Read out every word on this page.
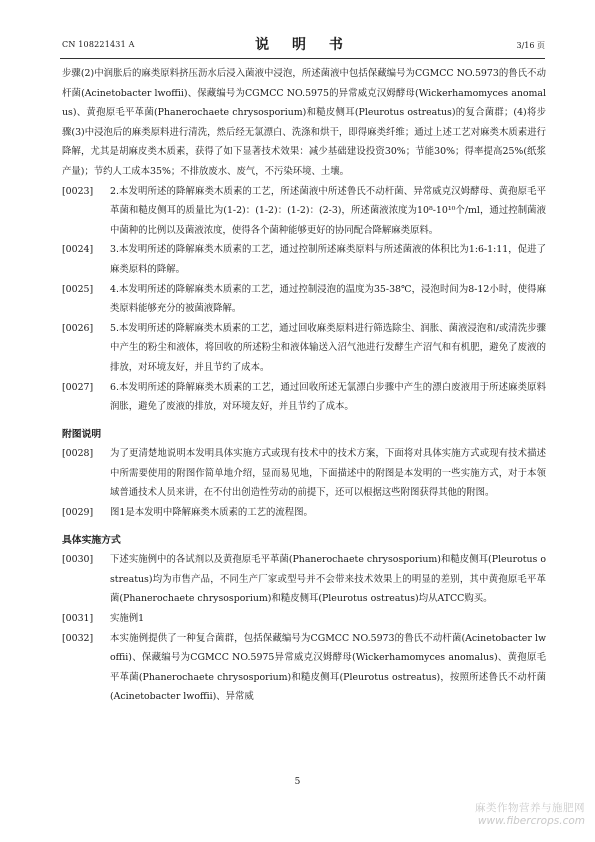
CN 108221431 A	说 明 书	3/16 页

步骤(2)中润胀后的麻类原料挤压沥水后浸入菌液中浸泡，所述菌液中包括保藏编号为CGMCC NO.5973的鲁氏不动杆菌(Acinetobacter lwoffii)、保藏编号为CGMCC NO.5975的异常威克汉姆酵母(Wickerhamomyces anomalus)、黄孢原毛平革菌(Phanerochaete chrysosporium)和糙皮侧耳(Pleurotus ostreatus)的复合菌群；(4)将步骤(3)中浸泡后的麻类原料进行清洗，然后经无氯漂白、洗涤和烘干，即得麻类纤维；通过上述工艺对麻类木质素进行降解，尤其是胡麻皮类木质素，获得了如下显著技术效果：减少基础建设投资30%；节能30%；得率提高25%(纸浆产量)；节约人工成本35%；不排放废水、废气，不污染环境、土壤。

[0023]	2.本发明所述的降解麻类木质素的工艺，所述菌液中所述鲁氏不动杆菌、异常威克汉姆酵母、黄孢原毛平革菌和糙皮侧耳的质量比为(1-2)：(1-2)：(1-2)：(2-3)，所述菌液浓度为10⁸-10¹⁰个/ml，通过控制菌液中菌种的比例以及菌液浓度，使得各个菌种能够更好的协同配合降解麻类原料。
[0024]	3.本发明所述的降解麻类木质素的工艺，通过控制所述麻类原料与所述菌液的体积比为1:6-1:11，促进了麻类原料的降解。
[0025]	4.本发明所述的降解麻类木质素的工艺，通过控制浸泡的温度为35-38℃，浸泡时间为8-12小时，使得麻类原料能够充分的被菌液降解。
[0026]	5.本发明所述的降解麻类木质素的工艺，通过回收麻类原料进行筛选除尘、润胀、菌液浸泡和/或清洗步骤中产生的粉尘和液体，将回收的所述粉尘和液体输送入沼气池进行发酵生产沼气和有机肥，避免了废液的排放，对环境友好，并且节约了成本。
[0027]	6.本发明所述的降解麻类木质素的工艺，通过回收所述无氯漂白步骤中产生的漂白废液用于所述麻类原料润胀，避免了废液的排放，对环境友好，并且节约了成本。
附图说明
[0028]	为了更清楚地说明本发明具体实施方式或现有技术中的技术方案，下面将对具体实施方式或现有技术描述中所需要使用的附图作简单地介绍，显而易见地，下面描述中的附图是本发明的一些实施方式，对于本领域普通技术人员来讲，在不付出创造性劳动的前提下，还可以根据这些附图获得其他的附图。
[0029]	图1是本发明中降解麻类木质素的工艺的流程图。
具体实施方式
[0030]	下述实施例中的各试剂以及黄孢原毛平革菌(Phanerochaete chrysosporium)和糙皮侧耳(Pleurotus ostreatus)均为市售产品，不同生产厂家或型号并不会带来技术效果上的明显的差别，其中黄孢原毛平革菌(Phanerochaete chrysosporium)和糙皮侧耳(Pleurotus ostreatus)均从ATCC购买。
[0031]	实施例1
[0032]	本实施例提供了一种复合菌群，包括保藏编号为CGMCC NO.5973的鲁氏不动杆菌(Acinetobacter lwoffii)、保藏编号为CGMCC NO.5975异常威克汉姆酵母(Wickerhamomyces anomalus)、黄孢原毛平革菌(Phanerochaete chrysosporium)和糙皮侧耳(Pleurotus ostreatus)，按照所述鲁氏不动杆菌(Acinetobacter lwoffii)、异常威
5
麻类作物营养与施肥网
www.fibercrops.com
